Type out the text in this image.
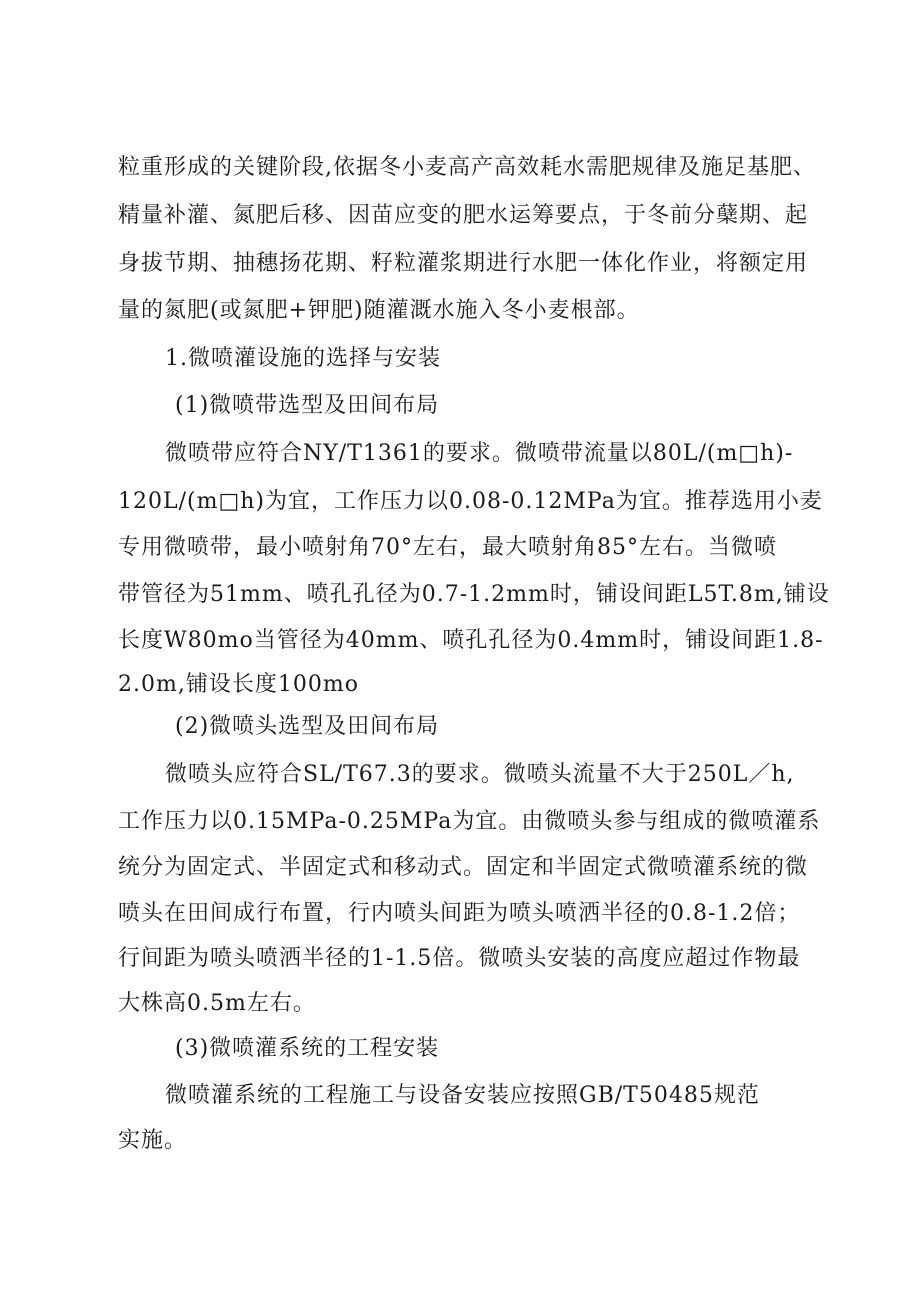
粒重形成的关键阶段,依据冬小麦高产高效耗水需肥规律及施足基肥、
精量补灌、氮肥后移、因苗应变的肥水运筹要点，于冬前分蘖期、起
身拔节期、抽穗扬花期、籽粒灌浆期进行水肥一体化作业，将额定用
量的氮肥(或氮肥+钾肥)随灌溉水施入冬小麦根部。
1.微喷灌设施的选择与安装
(1)微喷带选型及田间布局
微喷带应符合NY/T1361的要求。微喷带流量以80L/(m□h)-
120L/(m□h)为宜，工作压力以0.08-0.12MPa为宜。推荐选用小麦
专用微喷带，最小喷射角70°左右，最大喷射角85°左右。当微喷
带管径为51mm、喷孔孔径为0.7-1.2mm时，铺设间距L5T.8m,铺设
长度W80mo当管径为40mm、喷孔孔径为0.4mm时，铺设间距1.8-
2.0m,铺设长度100mo
(2)微喷头选型及田间布局
微喷头应符合SL/T67.3的要求。微喷头流量不大于250L／h,
工作压力以0.15MPa-0.25MPa为宜。由微喷头参与组成的微喷灌系
统分为固定式、半固定式和移动式。固定和半固定式微喷灌系统的微
喷头在田间成行布置，行内喷头间距为喷头喷洒半径的0.8-1.2倍；
行间距为喷头喷洒半径的1-1.5倍。微喷头安装的高度应超过作物最
大株高0.5m左右。
(3)微喷灌系统的工程安装
微喷灌系统的工程施工与设备安装应按照GB/T50485规范
实施。
